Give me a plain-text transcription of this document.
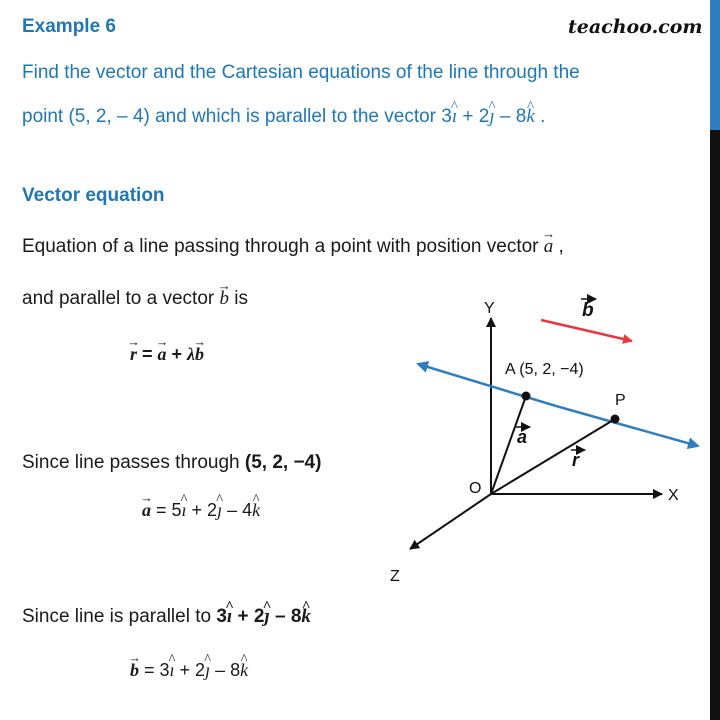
Example 6	teachoo.com
Find the vector and the Cartesian equations of the line through the
point (5, 2, – 4) and which is parallel to the vector 3ı ^ + 2ȷ ^ – 8k ^ .
Vector equation
Equation of a line passing through a point with position vector a → ,
and parallel to a vector b → is
r → = a → + λb →
Since line passes through (5, 2, −4)
a → = 5ı ^ + 2ȷ ^ – 4k ^
Since line is parallel to 3ı ^ + 2ȷ ^ – 8k ^
b → = 3ı ^ + 2ȷ ^ – 8k ^
Y
X
Z
O
A (5, 2, −4)
P
a
r
b
